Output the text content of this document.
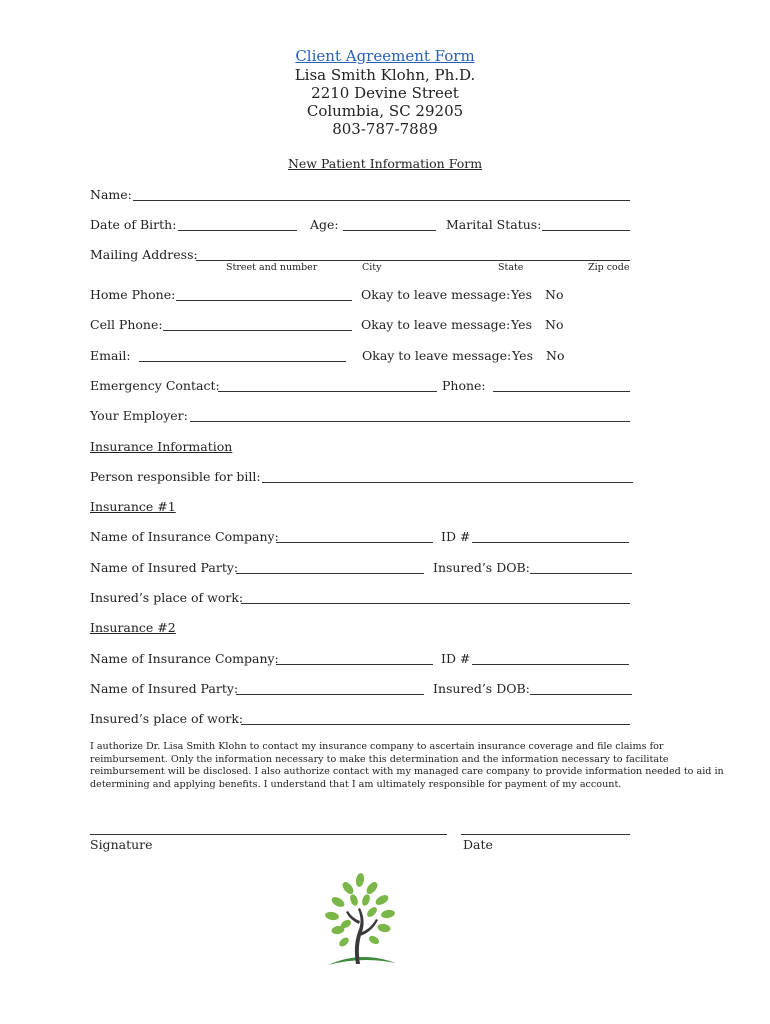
Client Agreement Form
Lisa Smith Klohn, Ph.D.
2210 Devine Street
Columbia, SC 29205
803-787-7889
New Patient Information Form
Name:
Date of Birth:	Age:	Marital Status:
Mailing Address:
Street and number	City	State	Zip code
Home Phone:	Okay to leave message: Yes No
Cell Phone:	Okay to leave message: Yes No
Email:	Okay to leave message: Yes No
Emergency Contact:	Phone:
Your Employer:
Insurance Information
Person responsible for bill:
Insurance #1
Name of Insurance Company:	ID #
Name of Insured Party:	Insured’s DOB:
Insured’s place of work:
Insurance #2
Name of Insurance Company:	ID #
Name of Insured Party:	Insured’s DOB:
Insured’s place of work:
I authorize Dr. Lisa Smith Klohn to contact my insurance company to ascertain insurance coverage and file claims for reimbursement. Only the information necessary to make this determination and the information necessary to facilitate reimbursement will be disclosed. I also authorize contact with my managed care company to provide information needed to aid in determining and applying benefits. I understand that I am ultimately responsible for payment of my account.
Signature	Date
